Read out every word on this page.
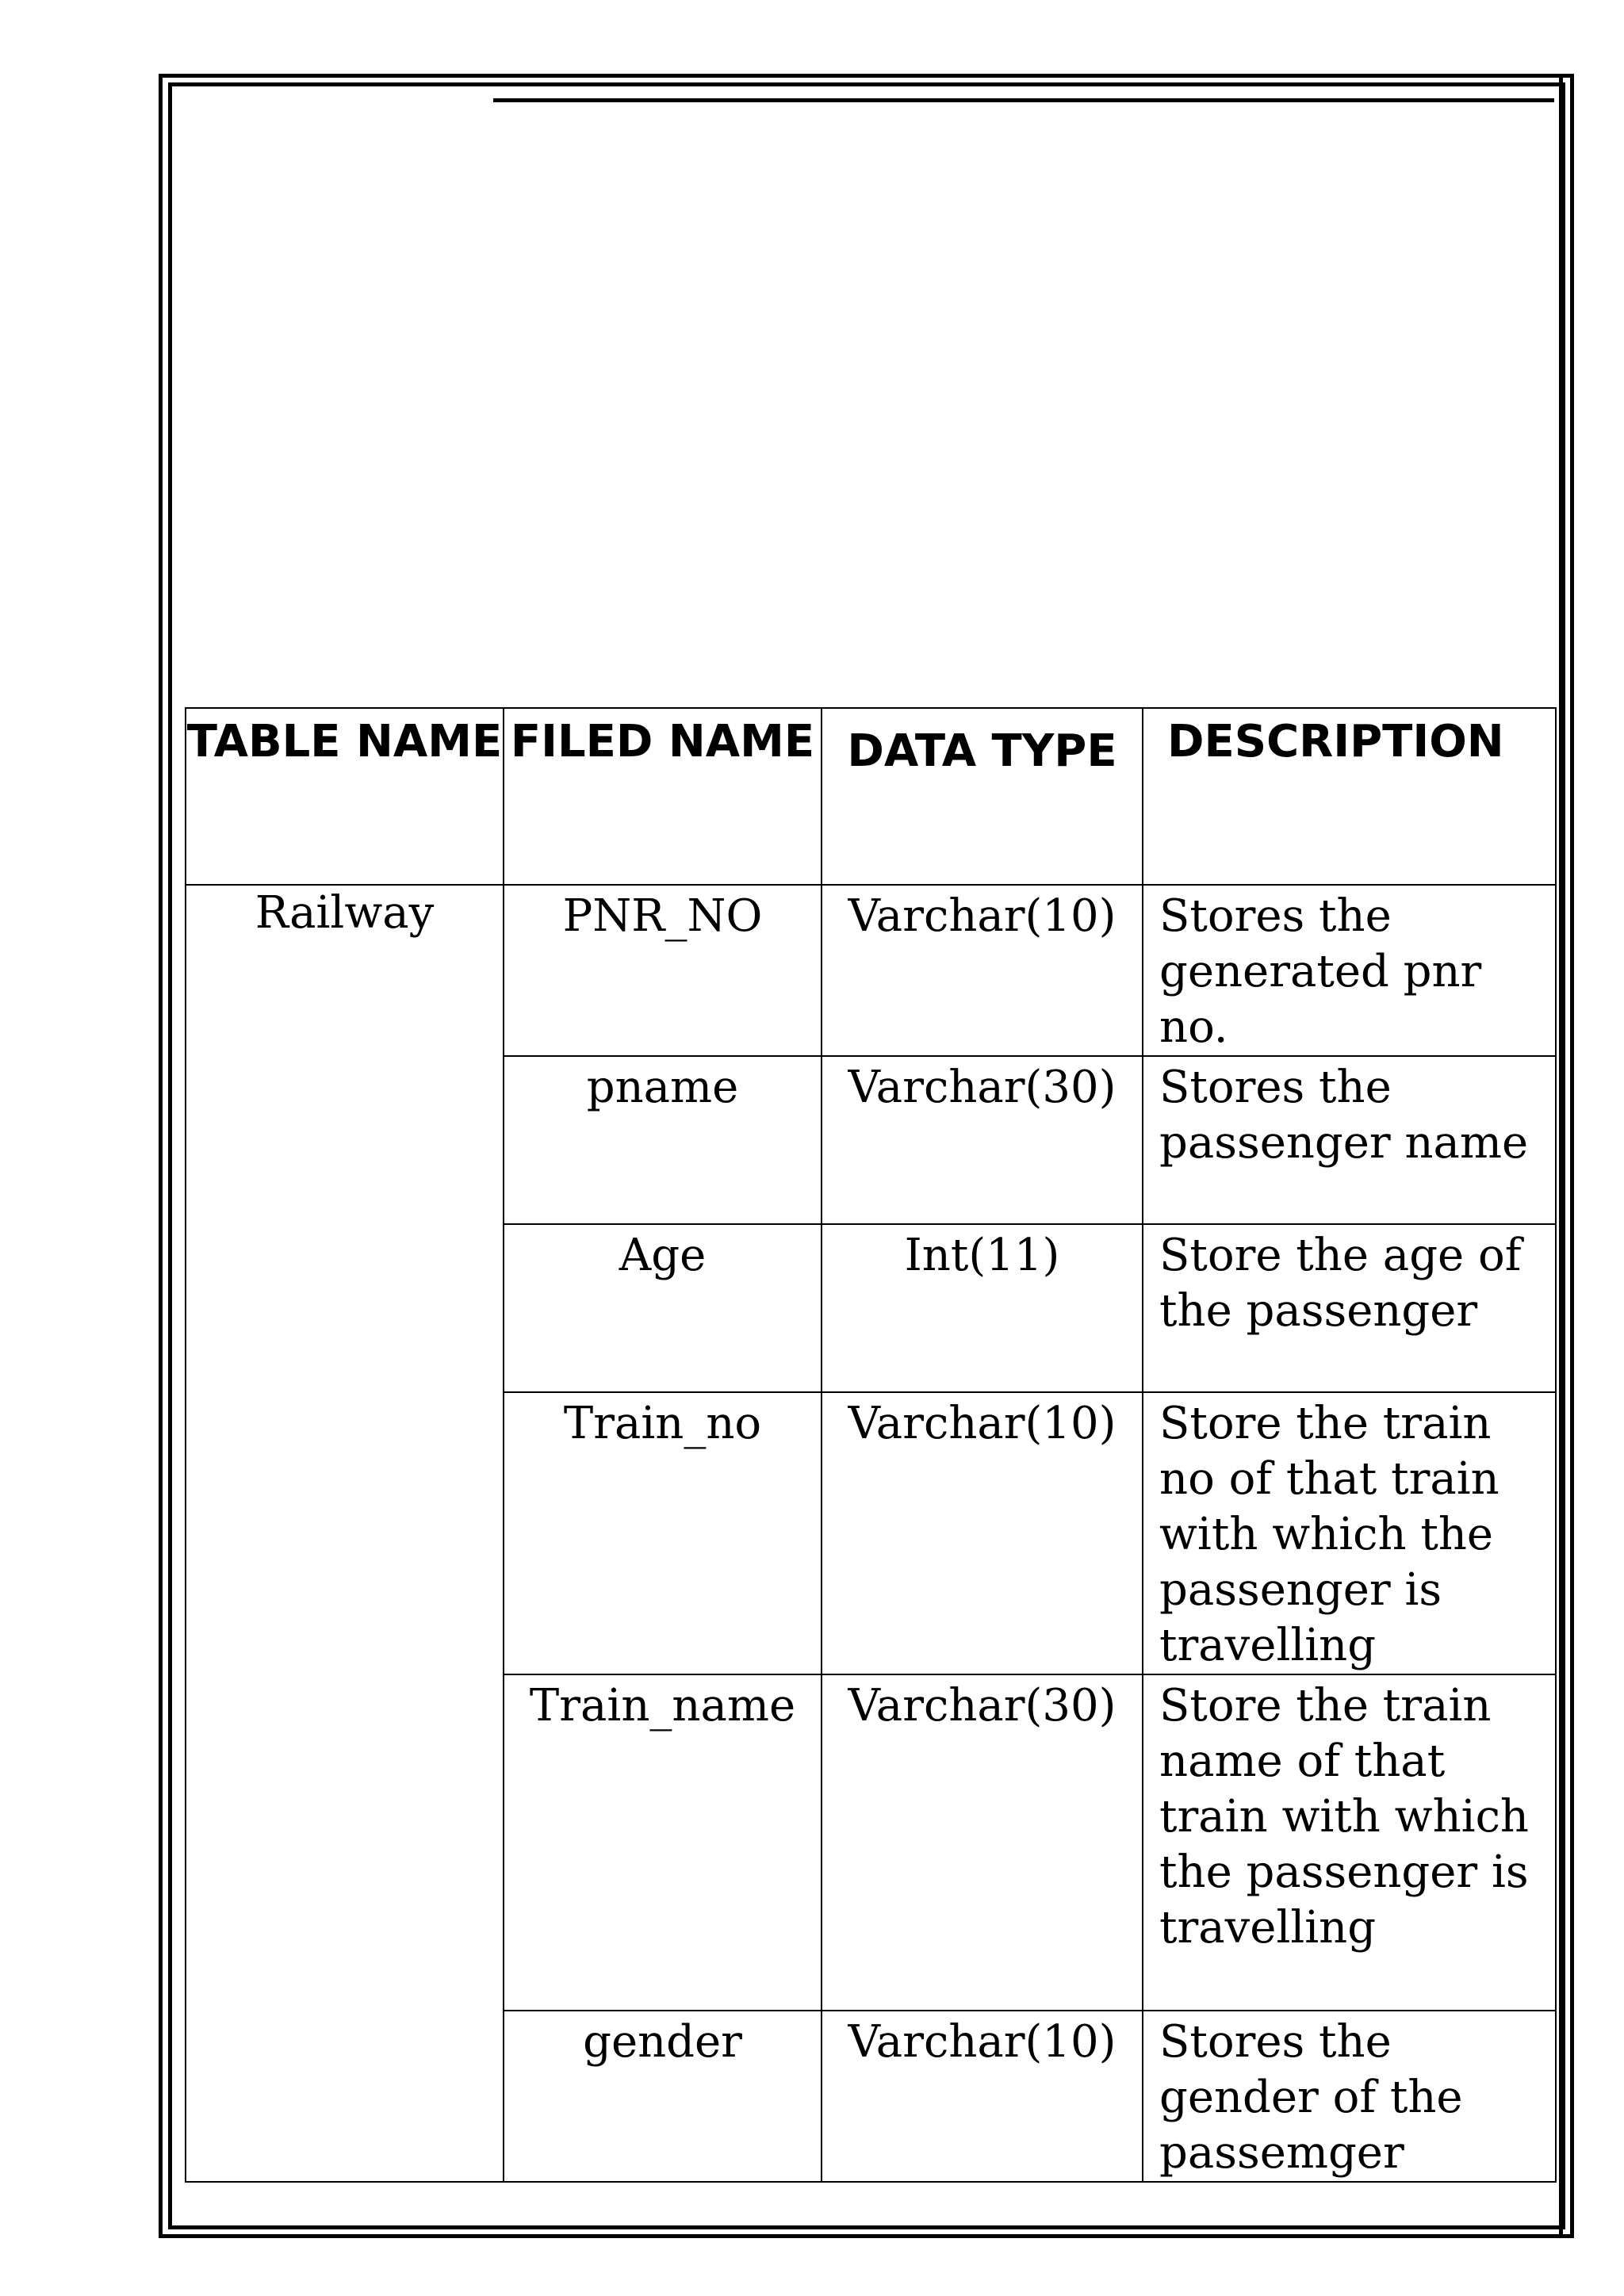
TABLE NAME	FILED NAME	DATA TYPE	DESCRIPTION

Railway	PNR_NO	Varchar(10)	Stores the generated pnr no.

	pname	Varchar(30)	Stores the passenger name

	Age	Int(11)	Store the age of the passenger

	Train_no	Varchar(10)	Store the train no of that train with which the passenger is travelling

	Train_name	Varchar(30)	Store the train name of that train with which the passenger is travelling

	gender	Varchar(10)	Stores the gender of the passemger
